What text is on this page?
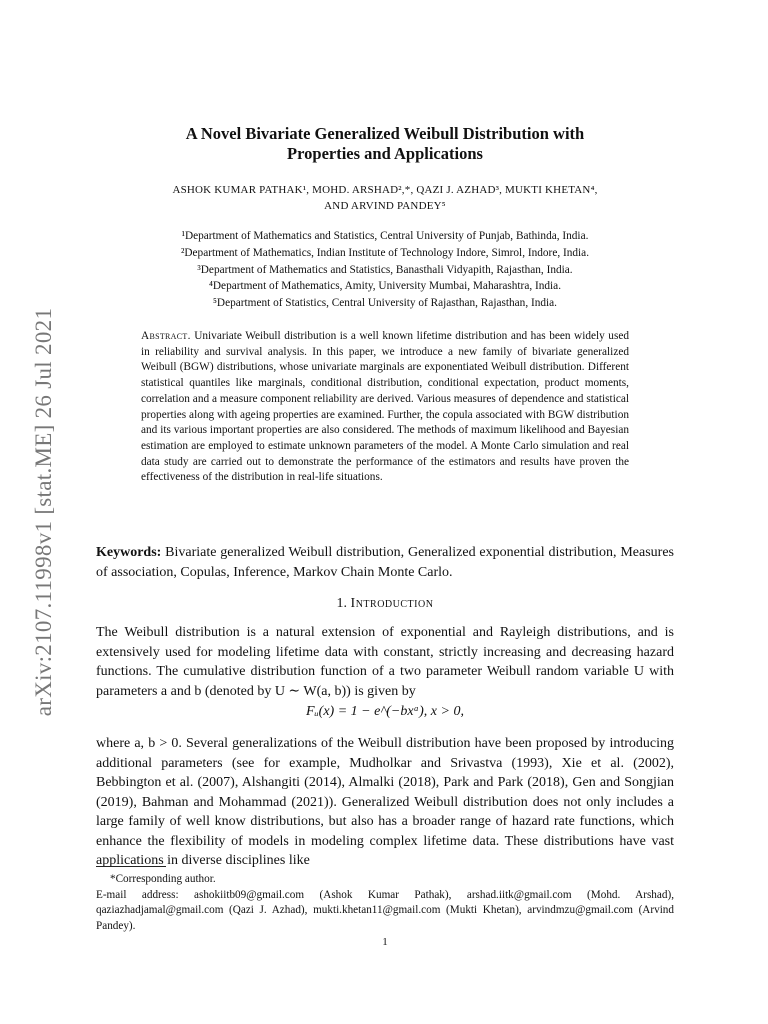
arXiv:2107.11998v1 [stat.ME] 26 Jul 2021
A Novel Bivariate Generalized Weibull Distribution with
Properties and Applications
ASHOK KUMAR PATHAK¹, MOHD. ARSHAD²,*, QAZI J. AZHAD³, MUKTI KHETAN⁴,
AND ARVIND PANDEY⁵
¹Department of Mathematics and Statistics, Central University of Punjab, Bathinda, India.
²Department of Mathematics, Indian Institute of Technology Indore, Simrol, Indore, India.
³Department of Mathematics and Statistics, Banasthali Vidyapith, Rajasthan, India.
⁴Department of Mathematics, Amity, University Mumbai, Maharashtra, India.
⁵Department of Statistics, Central University of Rajasthan, Rajasthan, India.
Abstract. Univariate Weibull distribution is a well known lifetime distribution and has been widely used in reliability and survival analysis. In this paper, we introduce a new family of bivariate generalized Weibull (BGW) distributions, whose univariate marginals are exponentiated Weibull distribution. Different statistical quantiles like marginals, conditional distribution, conditional expectation, product moments, correlation and a measure component reliability are derived. Various measures of dependence and statistical properties along with ageing properties are examined. Further, the copula associated with BGW distribution and its various important properties are also considered. The methods of maximum likelihood and Bayesian estimation are employed to estimate unknown parameters of the model. A Monte Carlo simulation and real data study are carried out to demonstrate the performance of the estimators and results have proven the effectiveness of the distribution in real-life situations.
Keywords: Bivariate generalized Weibull distribution, Generalized exponential distribution, Measures of association, Copulas, Inference, Markov Chain Monte Carlo.
1. Introduction
The Weibull distribution is a natural extension of exponential and Rayleigh distributions, and is extensively used for modeling lifetime data with constant, strictly increasing and decreasing hazard functions. The cumulative distribution function of a two parameter Weibull random variable U with parameters a and b (denoted by U ∼ W(a, b)) is given by
Fᵤ(x) = 1 − e^(−bxᵃ), x > 0,
where a, b > 0. Several generalizations of the Weibull distribution have been proposed by introducing additional parameters (see for example, Mudholkar and Srivastva (1993), Xie et al. (2002), Bebbington et al. (2007), Alshangiti (2014), Almalki (2018), Park and Park (2018), Gen and Songjian (2019), Bahman and Mohammad (2021)). Generalized Weibull distribution does not only includes a large family of well know distributions, but also has a broader range of hazard rate functions, which enhance the flexibility of models in modeling complex lifetime data. These distributions have vast applications in diverse disciplines like
*Corresponding author.
E-mail address: ashokiitb09@gmail.com (Ashok Kumar Pathak), arshad.iitk@gmail.com (Mohd. Arshad), qaziazhadjamal@gmail.com (Qazi J. Azhad), mukti.khetan11@gmail.com (Mukti Khetan), arvindmzu@gmail.com (Arvind Pandey).
1
